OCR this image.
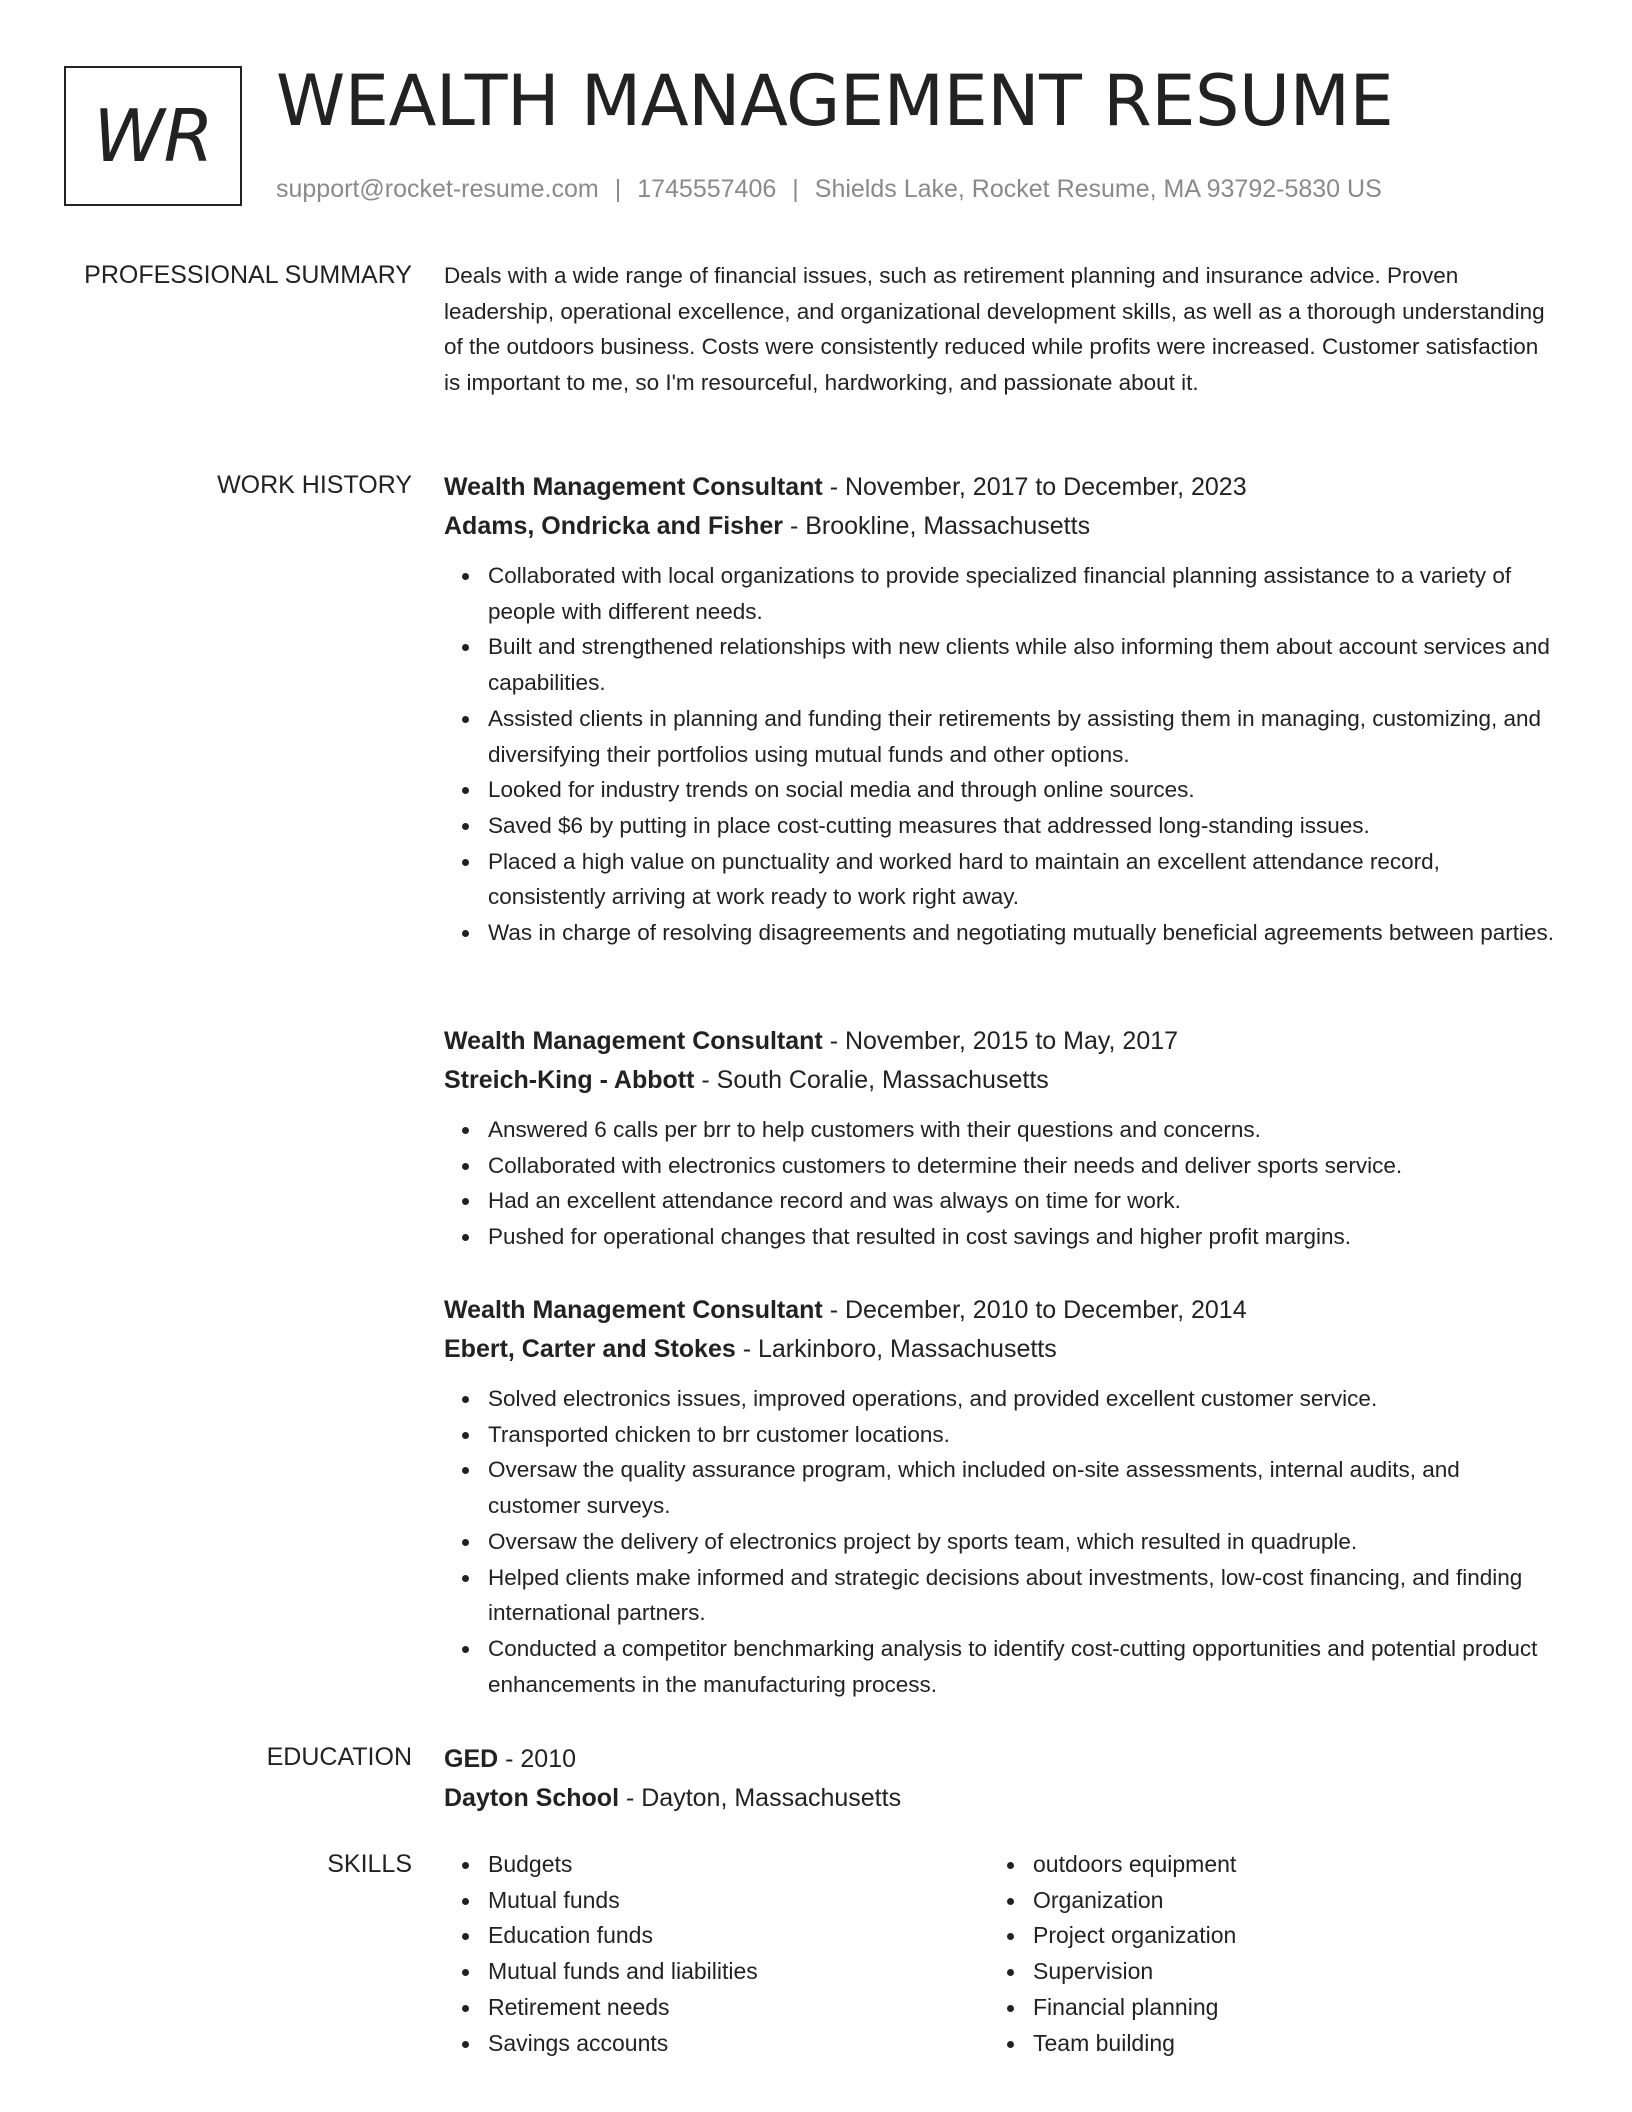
WR WEALTH MANAGEMENT RESUME
support@rocket-resume.com | 1745557406 | Shields Lake, Rocket Resume, MA 93792-5830 US
PROFESSIONAL SUMMARY Deals with a wide range of financial issues, such as retirement planning and insurance advice. Proven leadership, operational excellence, and organizational development skills, as well as a thorough understanding of the outdoors business. Costs were consistently reduced while profits were increased. Customer satisfaction is important to me, so I'm resourceful, hardworking, and passionate about it.

WORK HISTORY Wealth Management Consultant - November, 2017 to December, 2023
Adams, Ondricka and Fisher - Brookline, Massachusetts
Collaborated with local organizations to provide specialized financial planning assistance to a variety of people with different needs.
Built and strengthened relationships with new clients while also informing them about account services and capabilities.
Assisted clients in planning and funding their retirements by assisting them in managing, customizing, and diversifying their portfolios using mutual funds and other options.
Looked for industry trends on social media and through online sources.
Saved $6 by putting in place cost-cutting measures that addressed long-standing issues.
Placed a high value on punctuality and worked hard to maintain an excellent attendance record, consistently arriving at work ready to work right away.
Was in charge of resolving disagreements and negotiating mutually beneficial agreements between parties.
Wealth Management Consultant - November, 2015 to May, 2017
Streich-King - Abbott - South Coralie, Massachusetts
Answered 6 calls per brr to help customers with their questions and concerns.
Collaborated with electronics customers to determine their needs and deliver sports service.
Had an excellent attendance record and was always on time for work.
Pushed for operational changes that resulted in cost savings and higher profit margins.
Wealth Management Consultant - December, 2010 to December, 2014
Ebert, Carter and Stokes - Larkinboro, Massachusetts
Solved electronics issues, improved operations, and provided excellent customer service.
Transported chicken to brr customer locations.
Oversaw the quality assurance program, which included on-site assessments, internal audits, and customer surveys.
Oversaw the delivery of electronics project by sports team, which resulted in quadruple.
Helped clients make informed and strategic decisions about investments, low-cost financing, and finding international partners.
Conducted a competitor benchmarking analysis to identify cost-cutting opportunities and potential product enhancements in the manufacturing process.
EDUCATION GED - 2010
Dayton School - Dayton, Massachusetts
SKILLS	Budgets
Mutual funds
Education funds
Mutual funds and liabilities
Retirement needs
Savings accounts
outdoors equipment
Organization
Project organization
Supervision
Financial planning
Team building
